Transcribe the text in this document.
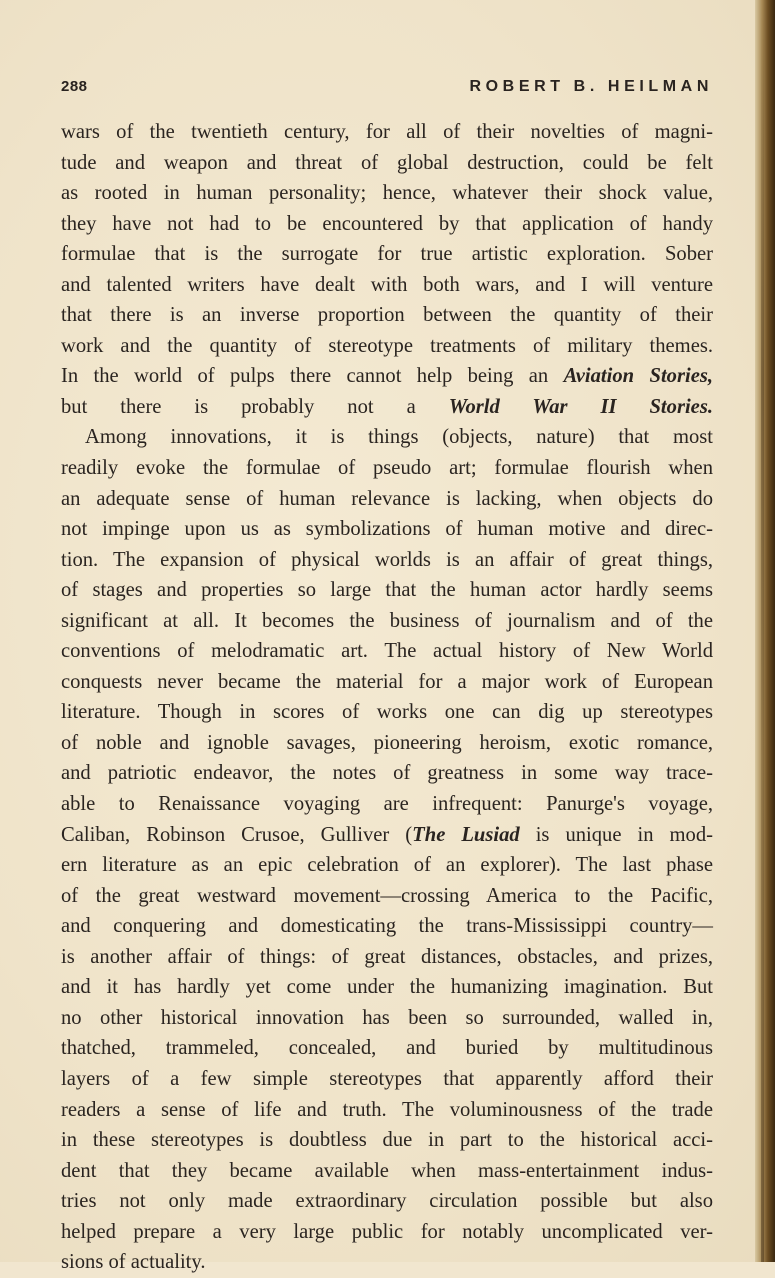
288	ROBERT B. HEILMAN
wars of the twentieth century, for all of their novelties of magni-
tude and weapon and threat of global destruction, could be felt
as rooted in human personality; hence, whatever their shock value,
they have not had to be encountered by that application of handy
formulae that is the surrogate for true artistic exploration. Sober
and talented writers have dealt with both wars, and I will venture
that there is an inverse proportion between the quantity of their
work and the quantity of stereotype treatments of military themes.
In the world of pulps there cannot help being an Aviation Stories,
but there is probably not a World War II Stories.
Among innovations, it is things (objects, nature) that most
readily evoke the formulae of pseudo art; formulae flourish when
an adequate sense of human relevance is lacking, when objects do
not impinge upon us as symbolizations of human motive and direc-
tion. The expansion of physical worlds is an affair of great things,
of stages and properties so large that the human actor hardly seems
significant at all. It becomes the business of journalism and of the
conventions of melodramatic art. The actual history of New World
conquests never became the material for a major work of European
literature. Though in scores of works one can dig up stereotypes
of noble and ignoble savages, pioneering heroism, exotic romance,
and patriotic endeavor, the notes of greatness in some way trace-
able to Renaissance voyaging are infrequent: Panurge's voyage,
Caliban, Robinson Crusoe, Gulliver (The Lusiad is unique in mod-
ern literature as an epic celebration of an explorer). The last phase
of the great westward movement—crossing America to the Pacific,
and conquering and domesticating the trans-Mississippi country—
is another affair of things: of great distances, obstacles, and prizes,
and it has hardly yet come under the humanizing imagination. But
no other historical innovation has been so surrounded, walled in,
thatched, trammeled, concealed, and buried by multitudinous
layers of a few simple stereotypes that apparently afford their
readers a sense of life and truth. The voluminousness of the trade
in these stereotypes is doubtless due in part to the historical acci-
dent that they became available when mass-entertainment indus-
tries not only made extraordinary circulation possible but also
helped prepare a very large public for notably uncomplicated ver-
sions of actuality.
